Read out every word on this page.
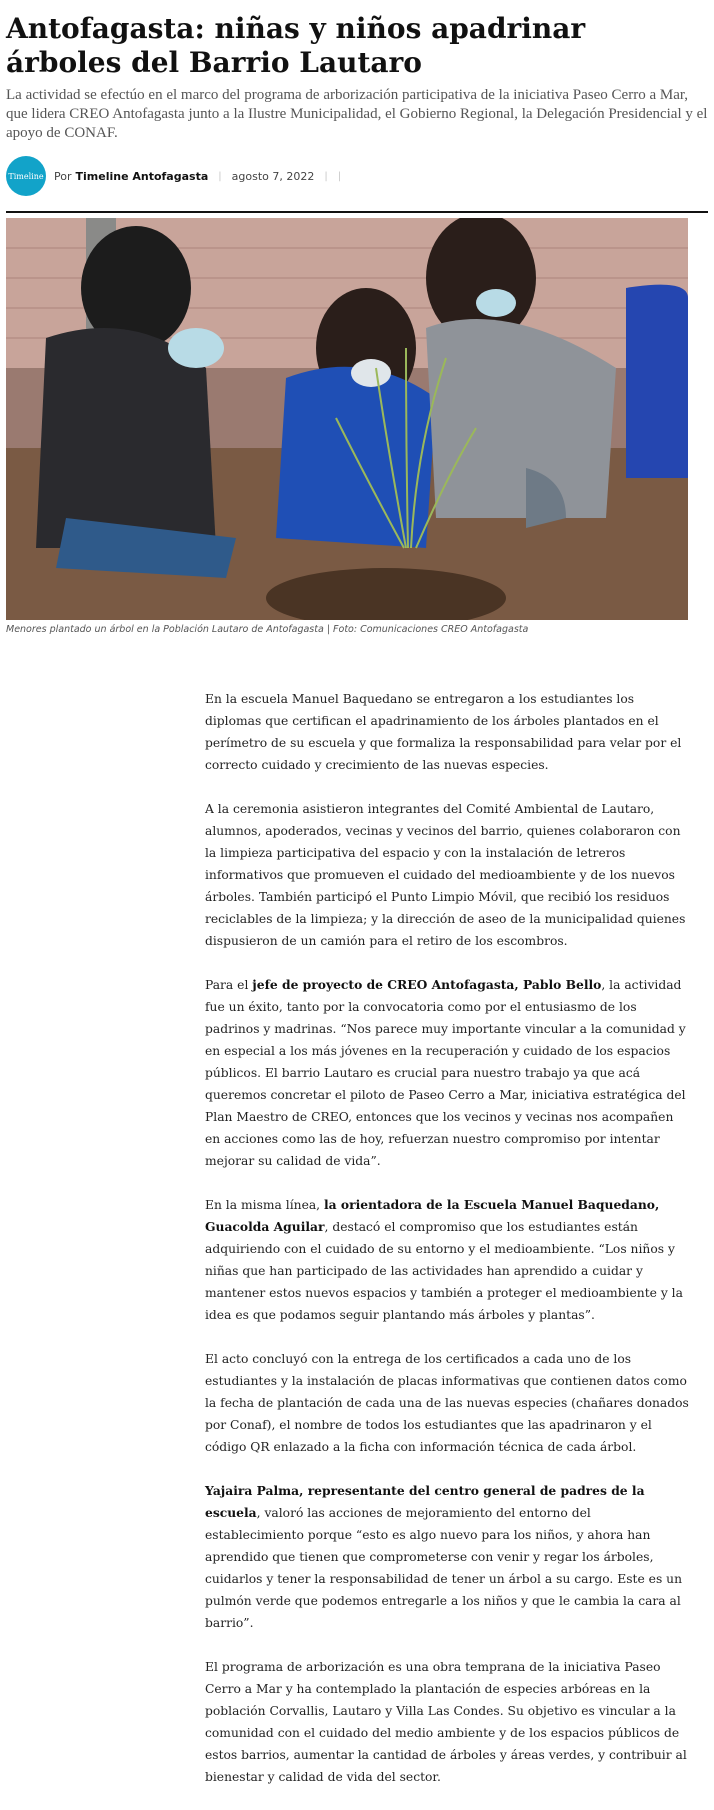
Antofagasta: niñas y niños apadrinar árboles del Barrio Lautaro

La actividad se efectúo en el marco del programa de arborización participativa de la iniciativa Paseo Cerro a Mar, que lidera CREO Antofagasta junto a la Ilustre Municipalidad, el Gobierno Regional, la Delegación Presidencial y el apoyo de CONAF.

Timeline Por Timeline Antofagasta | agosto 7, 2022 | |
Menores plantado un árbol en la Población Lautaro de Antofagasta | Foto: Comunicaciones CREO Antofagasta

En la escuela Manuel Baquedano se entregaron a los estudiantes los diplomas que certifican el apadrinamiento de los árboles plantados en el perímetro de su escuela y que formaliza la responsabilidad para velar por el correcto cuidado y crecimiento de las nuevas especies.

A la ceremonia asistieron integrantes del Comité Ambiental de Lautaro, alumnos, apoderados, vecinas y vecinos del barrio, quienes colaboraron con la limpieza participativa del espacio y con la instalación de letreros informativos que promueven el cuidado del medioambiente y de los nuevos árboles. También participó el Punto Limpio Móvil, que recibió los residuos reciclables de la limpieza; y la dirección de aseo de la municipalidad quienes dispusieron de un camión para el retiro de los escombros.

Para el jefe de proyecto de CREO Antofagasta, Pablo Bello, la actividad fue un éxito, tanto por la convocatoria como por el entusiasmo de los padrinos y madrinas. “Nos parece muy importante vincular a la comunidad y en especial a los más jóvenes en la recuperación y cuidado de los espacios públicos. El barrio Lautaro es crucial para nuestro trabajo ya que acá queremos concretar el piloto de Paseo Cerro a Mar, iniciativa estratégica del Plan Maestro de CREO, entonces que los vecinos y vecinas nos acompañen en acciones como las de hoy, refuerzan nuestro compromiso por intentar mejorar su calidad de vida”.

En la misma línea, la orientadora de la Escuela Manuel Baquedano, Guacolda Aguilar, destacó el compromiso que los estudiantes están adquiriendo con el cuidado de su entorno y el medioambiente. “Los niños y niñas que han participado de las actividades han aprendido a cuidar y mantener estos nuevos espacios y también a proteger el medioambiente y la idea es que podamos seguir plantando más árboles y plantas”.

El acto concluyó con la entrega de los certificados a cada uno de los estudiantes y la instalación de placas informativas que contienen datos como la fecha de plantación de cada una de las nuevas especies (chañares donados por Conaf), el nombre de todos los estudiantes que las apadrinaron y el código QR enlazado a la ficha con información técnica de cada árbol.

Yajaira Palma, representante del centro general de padres de la escuela, valoró las acciones de mejoramiento del entorno del establecimiento porque “esto es algo nuevo para los niños, y ahora han aprendido que tienen que comprometerse con venir y regar los árboles, cuidarlos y tener la responsabilidad de tener un árbol a su cargo. Este es un pulmón verde que podemos entregarle a los niños y que le cambia la cara al barrio”.

El programa de arborización es una obra temprana de la iniciativa Paseo Cerro a Mar y ha contemplado la plantación de especies arbóreas en la población Corvallis, Lautaro y Villa Las Condes. Su objetivo es vincular a la comunidad con el cuidado del medio ambiente y de los espacios públicos de estos barrios, aumentar la cantidad de árboles y áreas verdes, y contribuir al bienestar y calidad de vida del sector.
